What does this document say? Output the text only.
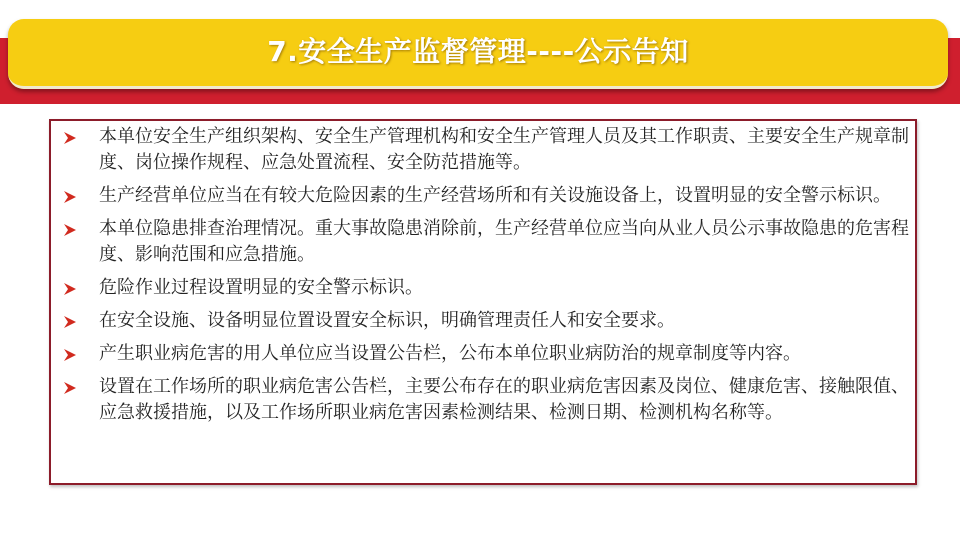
7.安全生产监督管理----公示告知
本单位安全生产组织架构、安全生产管理机构和安全生产管理人员及其工作职责、主要安全生产规章制度、岗位操作规程、应急处置流程、安全防范措施等。
生产经营单位应当在有较大危险因素的生产经营场所和有关设施设备上，设置明显的安全警示标识。
本单位隐患排查治理情况。重大事故隐患消除前，生产经营单位应当向从业人员公示事故隐患的危害程度、影响范围和应急措施。
危险作业过程设置明显的安全警示标识。
在安全设施、设备明显位置设置安全标识，明确管理责任人和安全要求。
产生职业病危害的用人单位应当设置公告栏，公布本单位职业病防治的规章制度等内容。
设置在工作场所的职业病危害公告栏，主要公布存在的职业病危害因素及岗位、健康危害、接触限值、应急救援措施，以及工作场所职业病危害因素检测结果、检测日期、检测机构名称等。
